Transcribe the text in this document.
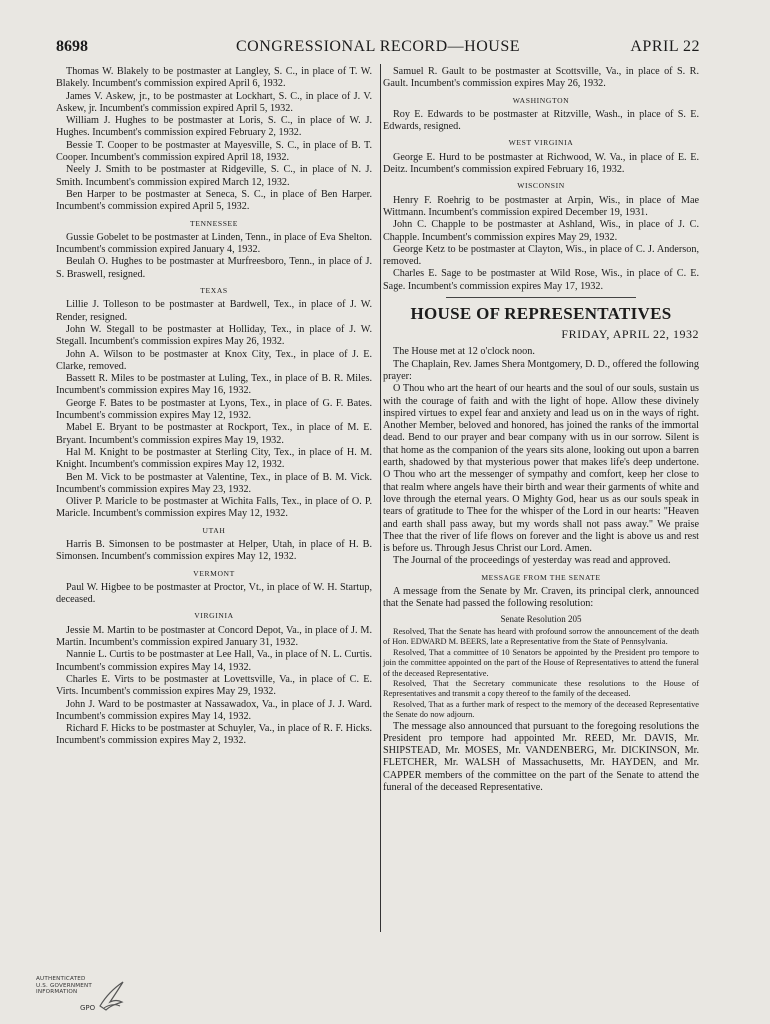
8698	CONGRESSIONAL RECORD—HOUSE	APRIL 22

Thomas W. Blakely to be postmaster at Langley, S. C., in place of T. W. Blakely. Incumbent's commission expired April 6, 1932.

James V. Askew, jr., to be postmaster at Lockhart, S. C., in place of J. V. Askew, jr. Incumbent's commission expired April 5, 1932.

William J. Hughes to be postmaster at Loris, S. C., in place of W. J. Hughes. Incumbent's commission expired February 2, 1932.

Bessie T. Cooper to be postmaster at Mayesville, S. C., in place of B. T. Cooper. Incumbent's commission expired April 18, 1932.

Neely J. Smith to be postmaster at Ridgeville, S. C., in place of N. J. Smith. Incumbent's commission expired March 12, 1932.

Ben Harper to be postmaster at Seneca, S. C., in place of Ben Harper. Incumbent's commission expired April 5, 1932.

TENNESSEE

Gussie Gobelet to be postmaster at Linden, Tenn., in place of Eva Shelton. Incumbent's commission expired January 4, 1932.

Beulah O. Hughes to be postmaster at Murfreesboro, Tenn., in place of J. S. Braswell, resigned.

TEXAS

Lillie J. Tolleson to be postmaster at Bardwell, Tex., in place of J. W. Render, resigned.

John W. Stegall to be postmaster at Holliday, Tex., in place of J. W. Stegall. Incumbent's commission expires May 26, 1932.

John A. Wilson to be postmaster at Knox City, Tex., in place of J. E. Clarke, removed.

Bassett R. Miles to be postmaster at Luling, Tex., in place of B. R. Miles. Incumbent's commission expires May 16, 1932.

George F. Bates to be postmaster at Lyons, Tex., in place of G. F. Bates. Incumbent's commission expires May 12, 1932.

Mabel E. Bryant to be postmaster at Rockport, Tex., in place of M. E. Bryant. Incumbent's commission expires May 19, 1932.

Hal M. Knight to be postmaster at Sterling City, Tex., in place of H. M. Knight. Incumbent's commission expires May 12, 1932.

Ben M. Vick to be postmaster at Valentine, Tex., in place of B. M. Vick. Incumbent's commission expires May 23, 1932.

Oliver P. Maricle to be postmaster at Wichita Falls, Tex., in place of O. P. Maricle. Incumbent's commission expires May 12, 1932.

UTAH

Harris B. Simonsen to be postmaster at Helper, Utah, in place of H. B. Simonsen. Incumbent's commission expires May 12, 1932.

VERMONT

Paul W. Higbee to be postmaster at Proctor, Vt., in place of W. H. Startup, deceased.

VIRGINIA

Jessie M. Martin to be postmaster at Concord Depot, Va., in place of J. M. Martin. Incumbent's commission expired January 31, 1932.

Nannie L. Curtis to be postmaster at Lee Hall, Va., in place of N. L. Curtis. Incumbent's commission expires May 14, 1932.

Charles E. Virts to be postmaster at Lovettsville, Va., in place of C. E. Virts. Incumbent's commission expires May 29, 1932.

John J. Ward to be postmaster at Nassawadox, Va., in place of J. J. Ward. Incumbent's commission expires May 14, 1932.

Richard F. Hicks to be postmaster at Schuyler, Va., in place of R. F. Hicks. Incumbent's commission expires May 2, 1932.

Samuel R. Gault to be postmaster at Scottsville, Va., in place of S. R. Gault. Incumbent's commission expires May 26, 1932.

WASHINGTON

Roy E. Edwards to be postmaster at Ritzville, Wash., in place of S. E. Edwards, resigned.

WEST VIRGINIA

George E. Hurd to be postmaster at Richwood, W. Va., in place of E. E. Deitz. Incumbent's commission expired February 16, 1932.

WISCONSIN

Henry F. Roehrig to be postmaster at Arpin, Wis., in place of Mae Wittmann. Incumbent's commission expired December 19, 1931.

John C. Chapple to be postmaster at Ashland, Wis., in place of J. C. Chapple. Incumbent's commission expires May 29, 1932.

George Ketz to be postmaster at Clayton, Wis., in place of C. J. Anderson, removed.

Charles E. Sage to be postmaster at Wild Rose, Wis., in place of C. E. Sage. Incumbent's commission expires May 17, 1932.

HOUSE OF REPRESENTATIVES

FRIDAY, APRIL 22, 1932

The House met at 12 o'clock noon.

The Chaplain, Rev. James Shera Montgomery, D. D., offered the following prayer:

O Thou who art the heart of our hearts and the soul of our souls, sustain us with the courage of faith and with the light of hope. Allow these divinely inspired virtues to expel fear and anxiety and lead us on in the ways of right. Another Member, beloved and honored, has joined the ranks of the immortal dead. Bend to our prayer and bear company with us in our sorrow. Silent is that home as the companion of the years sits alone, looking out upon a barren earth, shadowed by that mysterious power that makes life's deep undertone. O Thou who art the messenger of sympathy and comfort, keep her close to that realm where angels have their birth and wear their garments of white and love through the eternal years. O Mighty God, hear us as our souls speak in tears of gratitude to Thee for the whisper of the Lord in our hearts: "Heaven and earth shall pass away, but my words shall not pass away." We praise Thee that the river of life flows on forever and the light is above us and rest is before us. Through Jesus Christ our Lord. Amen.

The Journal of the proceedings of yesterday was read and approved.

MESSAGE FROM THE SENATE

A message from the Senate by Mr. Craven, its principal clerk, announced that the Senate had passed the following resolution:

Senate Resolution 205

Resolved, That the Senate has heard with profound sorrow the announcement of the death of Hon. EDWARD M. BEERS, late a Representative from the State of Pennsylvania.

Resolved, That a committee of 10 Senators be appointed by the President pro tempore to join the committee appointed on the part of the House of Representatives to attend the funeral of the deceased Representative.

Resolved, That the Secretary communicate these resolutions to the House of Representatives and transmit a copy thereof to the family of the deceased.

Resolved, That as a further mark of respect to the memory of the deceased Representative the Senate do now adjourn.

The message also announced that pursuant to the foregoing resolutions the President pro tempore had appointed Mr. REED, Mr. DAVIS, Mr. SHIPSTEAD, Mr. MOSES, Mr. VANDENBERG, Mr. DICKINSON, Mr. FLETCHER, Mr. WALSH of Massachusetts, Mr. HAYDEN, and Mr. CAPPER members of the committee on the part of the Senate to attend the funeral of the deceased Representative.

AUTHENTICATED
U.S. GOVERNMENT
INFORMATION
GPO
